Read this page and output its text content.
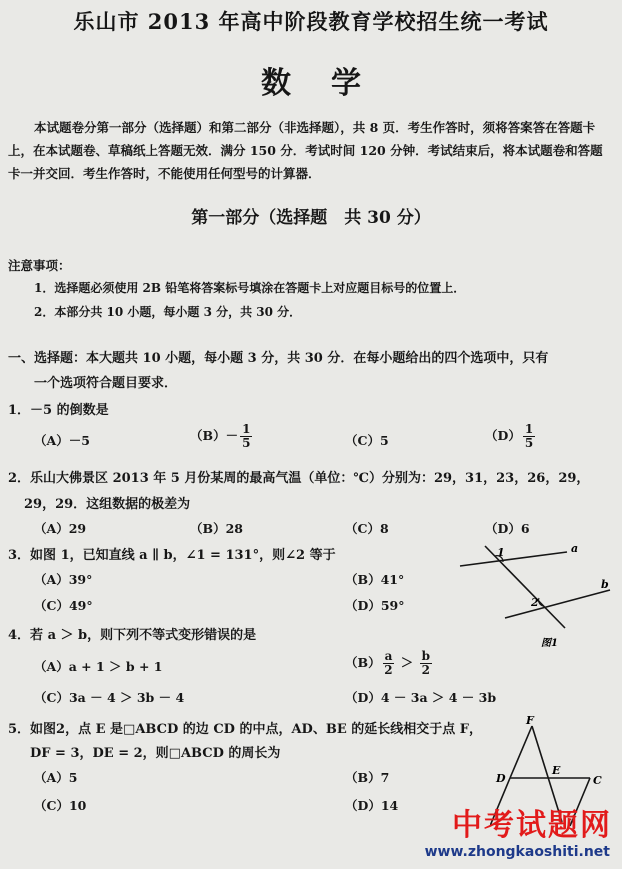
乐山市 2013 年高中阶段教育学校招生统一考试
数学
本试题卷分第一部分（选择题）和第二部分（非选择题），共 8 页．考生作答时，须将答案答在答题卡上，在本试题卷、草稿纸上答题无效．满分 150 分．考试时间 120 分钟．考试结束后，将本试题卷和答题卡一并交回．考生作答时，不能使用任何型号的计算器．
第一部分（选择题　共 30 分）
注意事项：
1．选择题必须使用 2B 铅笔将答案标号填涂在答题卡上对应题目标号的位置上．
2．本部分共 10 小题，每小题 3 分，共 30 分．
一、选择题：本大题共 10 小题，每小题 3 分，共 30 分．在每小题给出的四个选项中，只有
一个选项符合题目要求．
1．－5 的倒数是
（A）－5	$(B)- \frac{1}{5}$	（C）5	$(D) \frac{1}{5}$
2．乐山大佛景区 2013 年 5 月份某周的最高气温（单位：℃）分别为：29，31，23，26，29，
29，29．这组数据的极差为
（A）29	（B）28	（C）8	（D）6
3．如图 1，已知直线 a ∥ b，∠1 = 131°，则∠2 等于
（A）39°	（B）41°
（C）49°	（D）59°
a
b
1
2
图1
4．若 a ＞ b，则下列不等式变形错误的是
（A）a + 1 ＞ b + 1	$(B) \frac{a}{2} > \frac{b}{2}$
（C）3a － 4 ＞ 3b － 4	（D）4 － 3a ＞ 4 － 3b
5．如图2，点 E 是□ABCD 的边 CD 的中点，AD、BE 的延长线相交于点 F，
DF = 3，DE = 2，则□ABCD 的周长为
（A）5	（B）7
（C）10	（D）14
F
D
E
C
中考试题网
www.zhongkaoshiti.net
